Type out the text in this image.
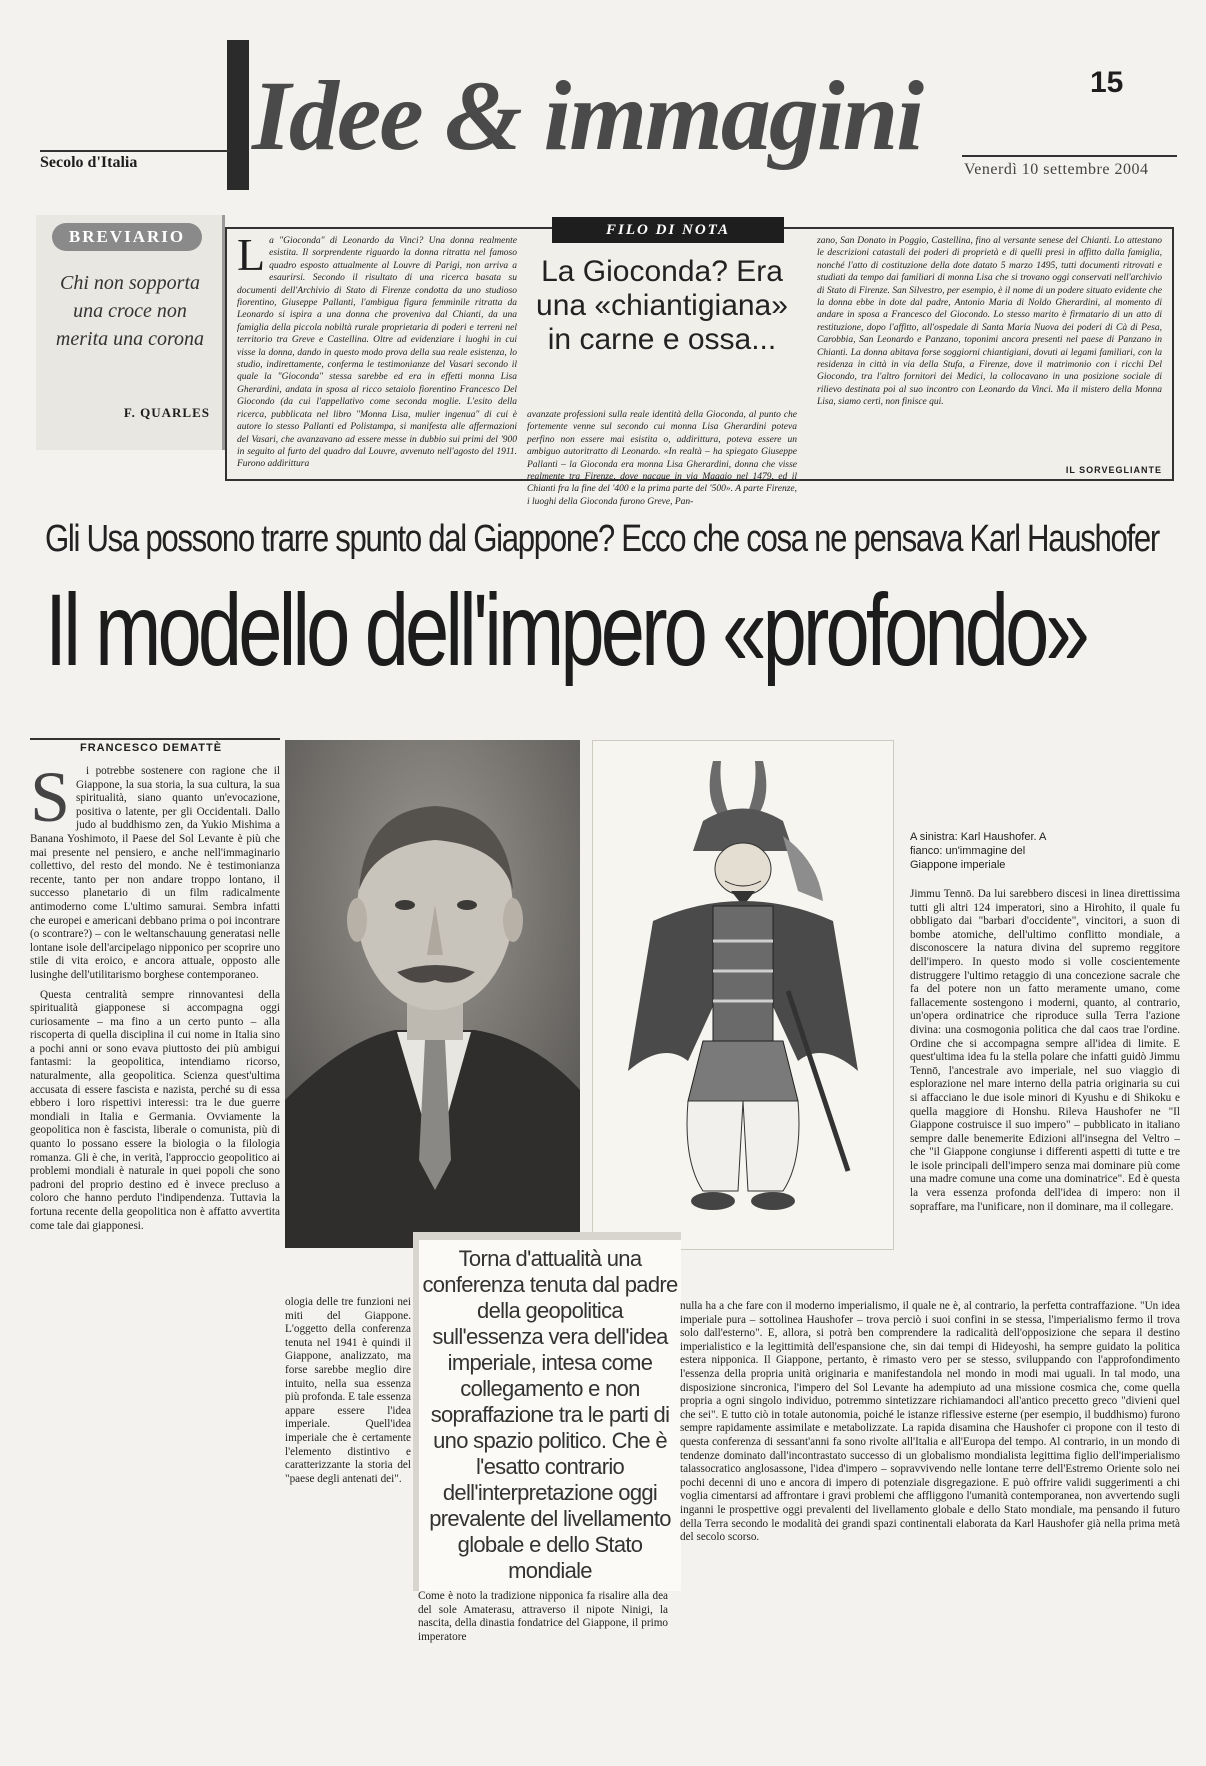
Idee & immagini
Secolo d'Italia	Venerdì 10 settembre 2004
15
BREVIARIO
Chi non sopporta una croce non merita una corona
F. QUARLES
FILO DI NOTA
L a "Gioconda" di Leonardo da Vinci? Una donna realmente esistita. Il sorprendente riguardo la donna ritratta nel famoso quadro esposto attualmente al Louvre di Parigi, non arriva a esaurirsi. Secondo il risultato di una ricerca basata su documenti dell'Archivio di Stato di Firenze condotta da uno studioso fiorentino, Giuseppe Pallanti, l'ambigua figura femminile ritratta da Leonardo si ispira a una donna che proveniva dal Chianti, da una famiglia della piccola nobiltà rurale proprietaria di poderi e terreni nel territorio tra Greve e Castellina. Oltre ad evidenziare i luoghi in cui visse la donna, dando in questo modo prova della sua reale esistenza, lo studio, indirettamente, conferma le testimonianze del Vasari secondo il quale la "Gioconda" stessa sarebbe ed era in effetti monna Lisa Gherardini, andata in sposa al ricco setaiolo fiorentino Francesco Del Giocondo (da cui l'appellativo come seconda moglie. L'esito della ricerca, pubblicata nel libro "Monna Lisa, mulier ingenua" di cui è autore lo stesso Pallanti ed Polistampa, si manifesta alle affermazioni del Vasari, che avanzavano ad essere messe in dubbio sui primi del '900 in seguito al furto del quadro dal Louvre, avvenuto nell'agosto del 1911. Furono addirittura
La Gioconda? Era una «chiantigiana» in carne e ossa...
avanzate professioni sulla reale identità della Gioconda, al punto che fortemente venne sul secondo cui monna Lisa Gherardini poteva perfino non essere mai esistita o, addirittura, poteva essere un ambiguo autoritratto di Leonardo. «In realtà – ha spiegato Giuseppe Pallanti – la Gioconda era monna Lisa Gherardini, donna che visse realmente tra Firenze, dove nacque in via Maggio nel 1479, ed il Chianti fra la fine del '400 e la prima parte del '500». A parte Firenze, i luoghi della Gioconda furono Greve, Pan-
zano, San Donato in Poggio, Castellina, fino al versante senese del Chianti. Lo attestano le descrizioni catastali dei poderi di proprietà e di quelli presi in affitto dalla famiglia, nonché l'atto di costituzione della dote datato 5 marzo 1495, tutti documenti ritrovati e studiati da tempo dai familiari di monna Lisa che si trovano oggi conservati nell'archivio di Stato di Firenze. San Silvestro, per esempio, è il nome di un podere situato evidente che la donna ebbe in dote dal padre, Antonio Maria di Noldo Gherardini, al momento di andare in sposa a Francesco del Giocondo. Lo stesso marito è firmatario di un atto di restituzione, dopo l'affitto, all'ospedale di Santa Maria Nuova dei poderi di Cà di Pesa, Carobbia, San Leonardo e Panzano, toponimi ancora presenti nel paese di Panzano in Chianti. La donna abitava forse soggiorni chiantigiani, dovuti ai legami familiari, con la residenza in città in via della Stufa, a Firenze, dove il matrimonio con i ricchi Del Giocondo, tra l'altro fornitori dei Medici, la collocavano in una posizione sociale di rilievo destinata poi al suo incontro con Leonardo da Vinci. Ma il mistero della Monna Lisa, siamo certi, non finisce qui.
IL SORVEGLIANTE
Gli Usa possono trarre spunto dal Giappone? Ecco che cosa ne pensava Karl Haushofer
Il modello dell'impero «profondo»
FRANCESCO DEMATTÈ
S	i potrebbe sostenere con ragione che il Giappone, la sua storia, la sua cultura, la sua spiritualità, siano quanto un'evocazione, positiva o latente, per gli Occidentali. Dallo judo al buddhismo zen, da Yukio Mishima a Banana Yoshimoto, il Paese del Sol Levante è più che mai presente nel pensiero, e anche nell'immaginario collettivo, del resto del mondo. Ne è testimonianza recente, tanto per non andare troppo lontano, il successo planetario di un film radicalmente antimoderno come L'ultimo samurai. Sembra infatti che europei e americani debbano prima o poi incontrare (o scontrare?) – con le weltanschauung generatasi nelle lontane isole dell'arcipelago nipponico per scoprire uno stile di vita eroico, e ancora attuale, opposto alle lusinghe dell'utilitarismo borghese contemporaneo.

Questa centralità sempre rinnovantesi della spiritualità giapponese si accompagna oggi curiosamente – ma fino a un certo punto – alla riscoperta di quella disciplina il cui nome in Italia sino a pochi anni or sono evava piuttosto dei più ambigui fantasmi: la geopolitica, intendiamo ricorso, naturalmente, alla geopolitica. Scienza quest'ultima accusata di essere fascista e nazista, perché su di essa ebbero i loro rispettivi interessi: tra le due guerre mondiali in Italia e Germania. Ovviamente la geopolitica non è fascista, liberale o comunista, più di quanto lo possano essere la biologia o la filologia romanza. Gli è che, in verità, l'approccio geopolitico ai problemi mondiali è naturale in quei popoli che sono padroni del proprio destino ed è invece precluso a coloro che hanno perduto l'indipendenza. Tuttavia la fortuna recente della geopolitica non è affatto avvertita come tale dai giapponesi.

A sinistra: Karl Haushofer. A fianco: un'immagine del Giappone imperiale
Jimmu Tennō. Da lui sarebbero discesi in linea direttissima tutti gli altri 124 imperatori, sino a Hirohito, il quale fu obbligato dai "barbari d'occidente", vincitori, a suon di bombe atomiche, dell'ultimo conflitto mondiale, a disconoscere la natura divina del supremo reggitore dell'impero. In questo modo si volle coscientemente distruggere l'ultimo retaggio di una concezione sacrale che fa del potere non un fatto meramente umano, come fallacemente sostengono i moderni, quanto, al contrario, un'opera ordinatrice che riproduce sulla Terra l'azione divina: una cosmogonia politica che dal caos trae l'ordine. Ordine che si accompagna sempre all'idea di limite. E quest'ultima idea fu la stella polare che infatti guidò Jimmu Tennō, l'ancestrale avo imperiale, nel suo viaggio di esplorazione nel mare interno della patria originaria su cui si affacciano le due isole minori di Kyushu e di Shikoku e quella maggiore di Honshu. Rileva Haushofer ne "Il Giappone costruisce il suo impero" – pubblicato in italiano sempre dalle benemerite Edizioni all'insegna del Veltro – che "il Giappone congiunse i differenti aspetti di tutte e tre le isole principali dell'impero senza mai dominare più come una madre comune una come una dominatrice". Ed è questa la vera essenza profonda dell'idea di impero: non il sopraffare, ma l'unificare, non il dominare, ma il collegare.
ologia delle tre funzioni nei miti del Giappone. L'oggetto della conferenza tenuta nel 1941 è quindi il Giappone, analizzato, ma forse sarebbe meglio dire intuito, nella sua essenza più profonda. E tale essenza appare essere l'idea imperiale. Quell'idea imperiale che è certamente l'elemento distintivo e caratterizzante la storia del "paese degli antenati dei".
Torna d'attualità una conferenza tenuta dal padre della geopolitica sull'essenza vera dell'idea imperiale, intesa come collegamento e non sopraffazione tra le parti di uno spazio politico. Che è l'esatto contrario dell'interpretazione oggi prevalente del livellamento globale e dello Stato mondiale
Come è noto la tradizione nipponica fa risalire alla dea del sole Amaterasu, attraverso il nipote Ninigi, la nascita, della dinastia fondatrice del Giappone, il primo imperatore
nulla ha a che fare con il moderno imperialismo, il quale ne è, al contrario, la perfetta contraffazione. "Un idea imperiale pura – sottolinea Haushofer – trova perciò i suoi confini in se stessa, l'imperialismo fermo il trova solo dall'esterno". E, allora, si potrà ben comprendere la radicalità dell'opposizione che separa il destino imperialistico e la legittimità dell'espansione che, sin dai tempi di Hideyoshi, ha sempre guidato la politica estera nipponica. Il Giappone, pertanto, è rimasto vero per se stesso, sviluppando con l'approfondimento l'essenza della propria unità originaria e manifestandola nel mondo in modi mai uguali. In tal modo, una disposizione sincronica, l'impero del Sol Levante ha adempiuto ad una missione cosmica che, come quella propria a ogni singolo individuo, potremmo sintetizzare richiamandoci all'antico precetto greco "divieni quel che sei". E tutto ciò in totale autonomia, poiché le istanze riflessive esterne (per esempio, il buddhismo) furono sempre rapidamente assimilate e metabolizzate. La rapida disamina che Haushofer ci propone con il testo di questa conferenza di sessant'anni fa sono rivolte all'Italia e all'Europa del tempo. Al contrario, in un mondo di tendenze dominato dall'incontrastato successo di un globalismo mondialista legittima figlio dell'imperialismo talassocratico anglosassone, l'idea d'impero – sopravvivendo nelle lontane terre dell'Estremo Oriente solo nei pochi decenni di uno e ancora di impero di potenziale disgregazione. E può offrire validi suggerimenti a chi voglia cimentarsi ad affrontare i gravi problemi che affliggono l'umanità contemporanea, non avvertendo sugli inganni le prospettive oggi prevalenti del livellamento globale e dello Stato mondiale, ma pensando il futuro della Terra secondo le modalità dei grandi spazi continentali elaborata da Karl Haushofer già nella prima metà del secolo scorso.
